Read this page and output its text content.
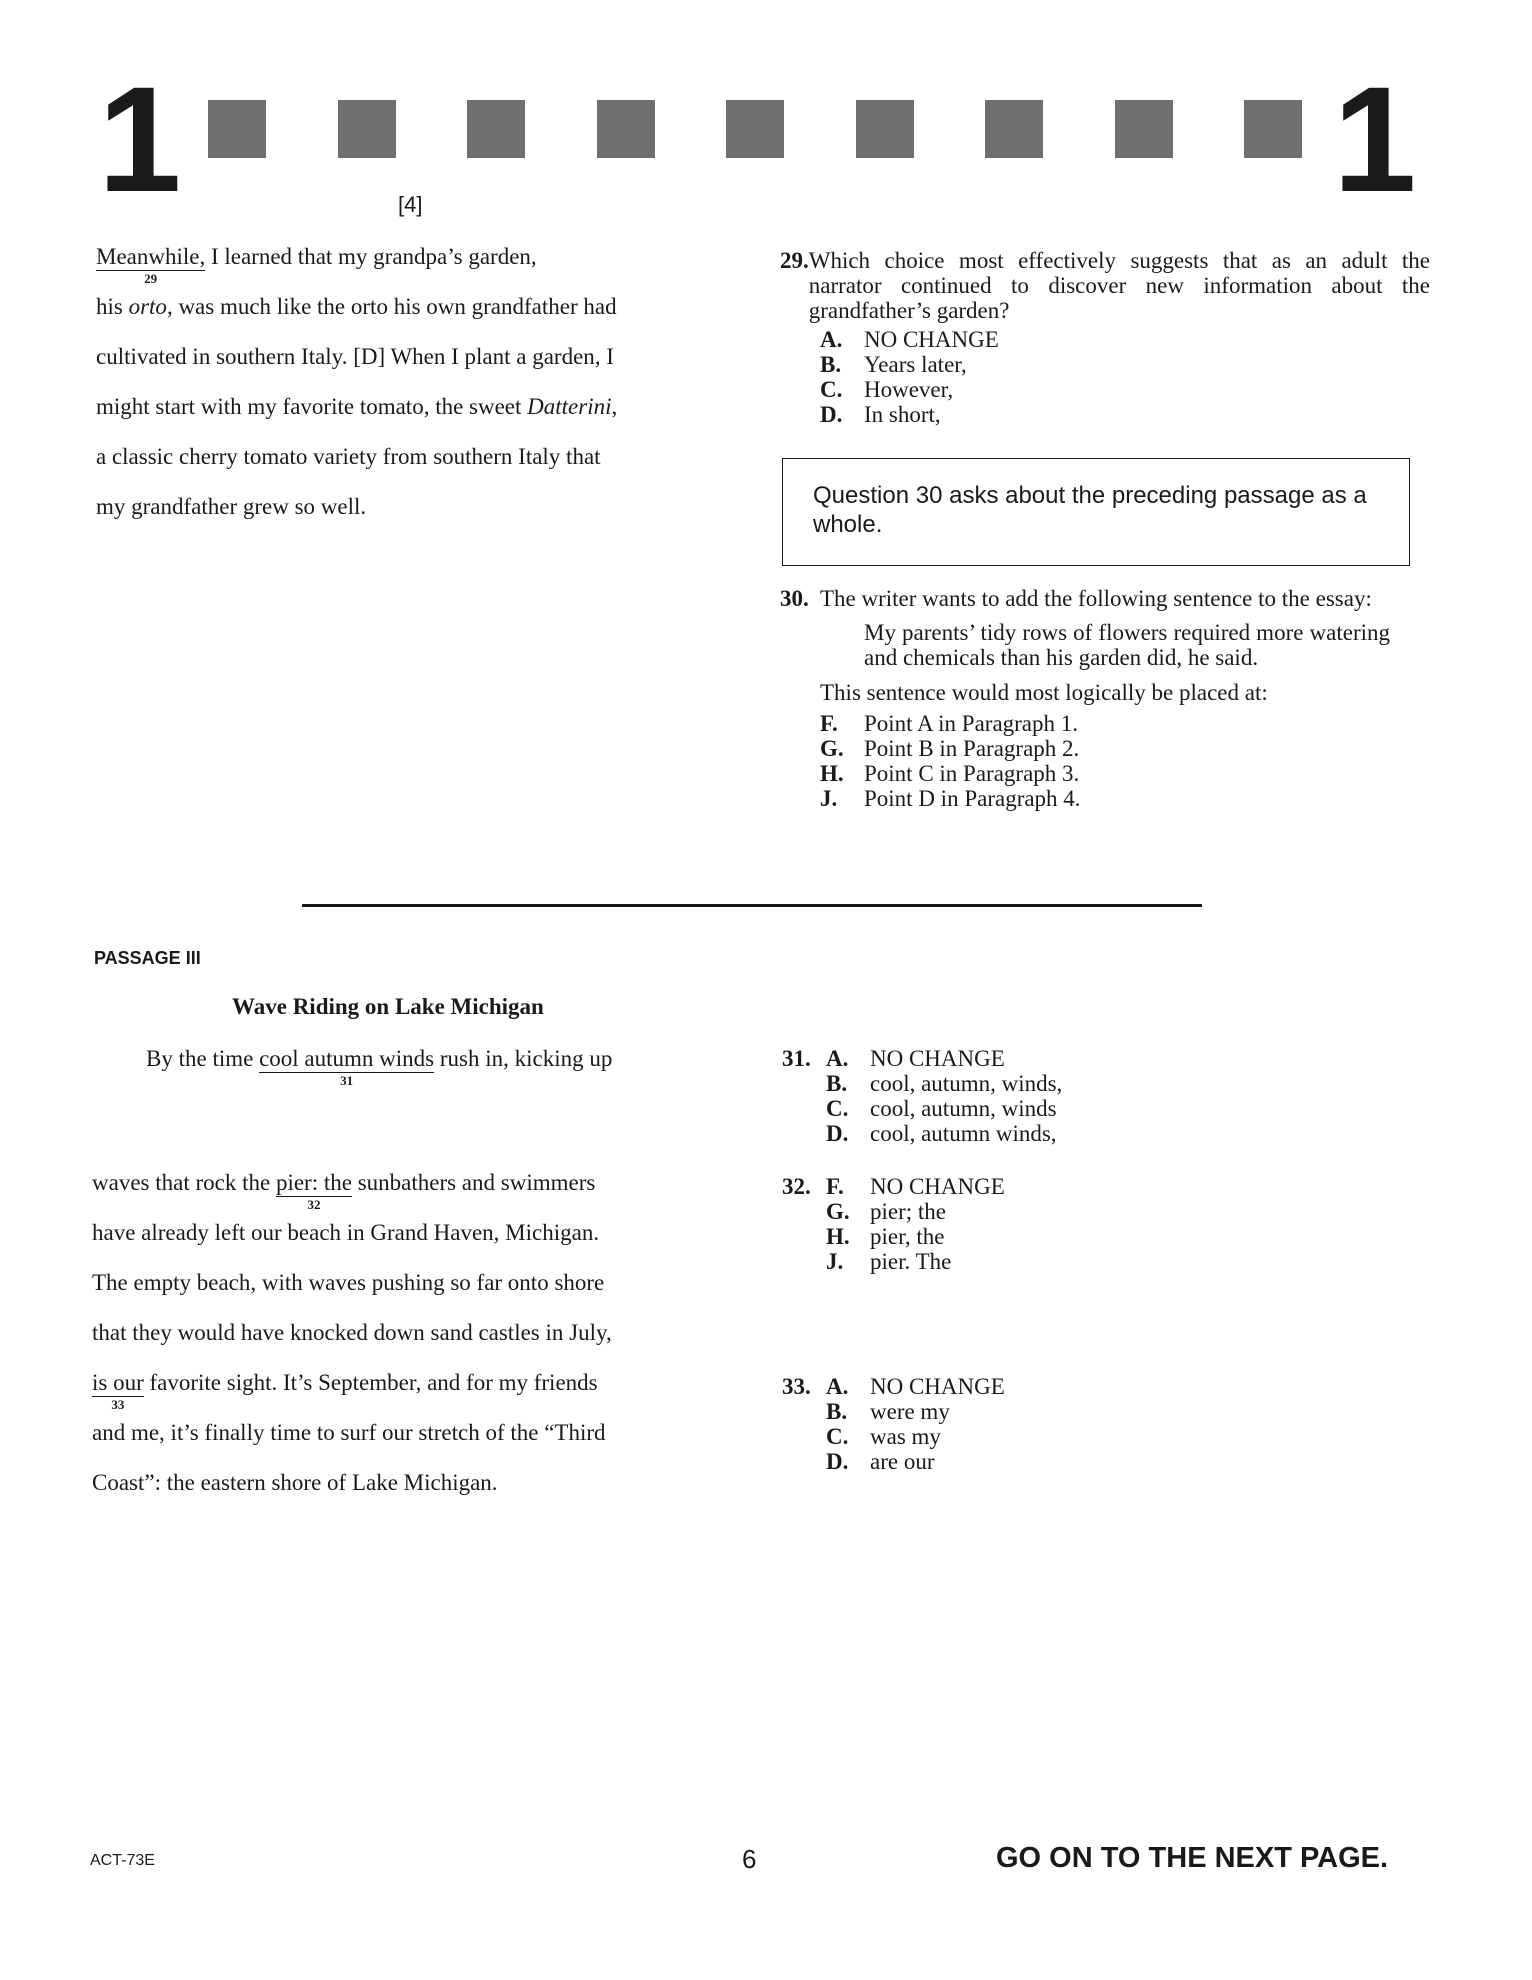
1	1
[4]
Meanwhile,
29
I learned that my grandpa’s garden,
his orto, was much like the orto his own grandfather had
cultivated in southern Italy. [D] When I plant a garden, I
might start with my favorite tomato, the sweet Datterini,
a classic cherry tomato variety from southern Italy that
my grandfather grew so well.
29. Which choice most effectively suggests that as an adult the narrator continued to discover new information about the grandfather’s garden?
A. NO CHANGE
B. Years later,
C. However,
D. In short,
Question 30 asks about the preceding passage as a whole.
30. The writer wants to add the following sentence to the essay:
My parents’ tidy rows of flowers required more watering and chemicals than his garden did, he said.
This sentence would most logically be placed at:
F.	Point A in Paragraph 1.
G. Point B in Paragraph 2.
H. Point C in Paragraph 3.
J.	Point D in Paragraph 4.
PASSAGE III
Wave Riding on Lake Michigan
By the time cool autumn winds
31
rush in, kicking up
waves that rock the pier: the
32
sunbathers and swimmers
have already left our beach in Grand Haven, Michigan.
The empty beach, with waves pushing so far onto shore
that they would have knocked down sand castles in July,
is our
33
favorite sight. It’s September, and for my friends
and me, it’s finally time to surf our stretch of the “Third
Coast”: the eastern shore of Lake Michigan.
31. A. NO CHANGE
B. cool, autumn, winds,
C. cool, autumn, winds
D. cool, autumn winds,
32. F.	NO CHANGE
G. pier; the
H. pier, the
J.	pier. The
33. A. NO CHANGE
B. were my
C. was my
D. are our
ACT-73E	6	GO ON TO THE NEXT PAGE.
